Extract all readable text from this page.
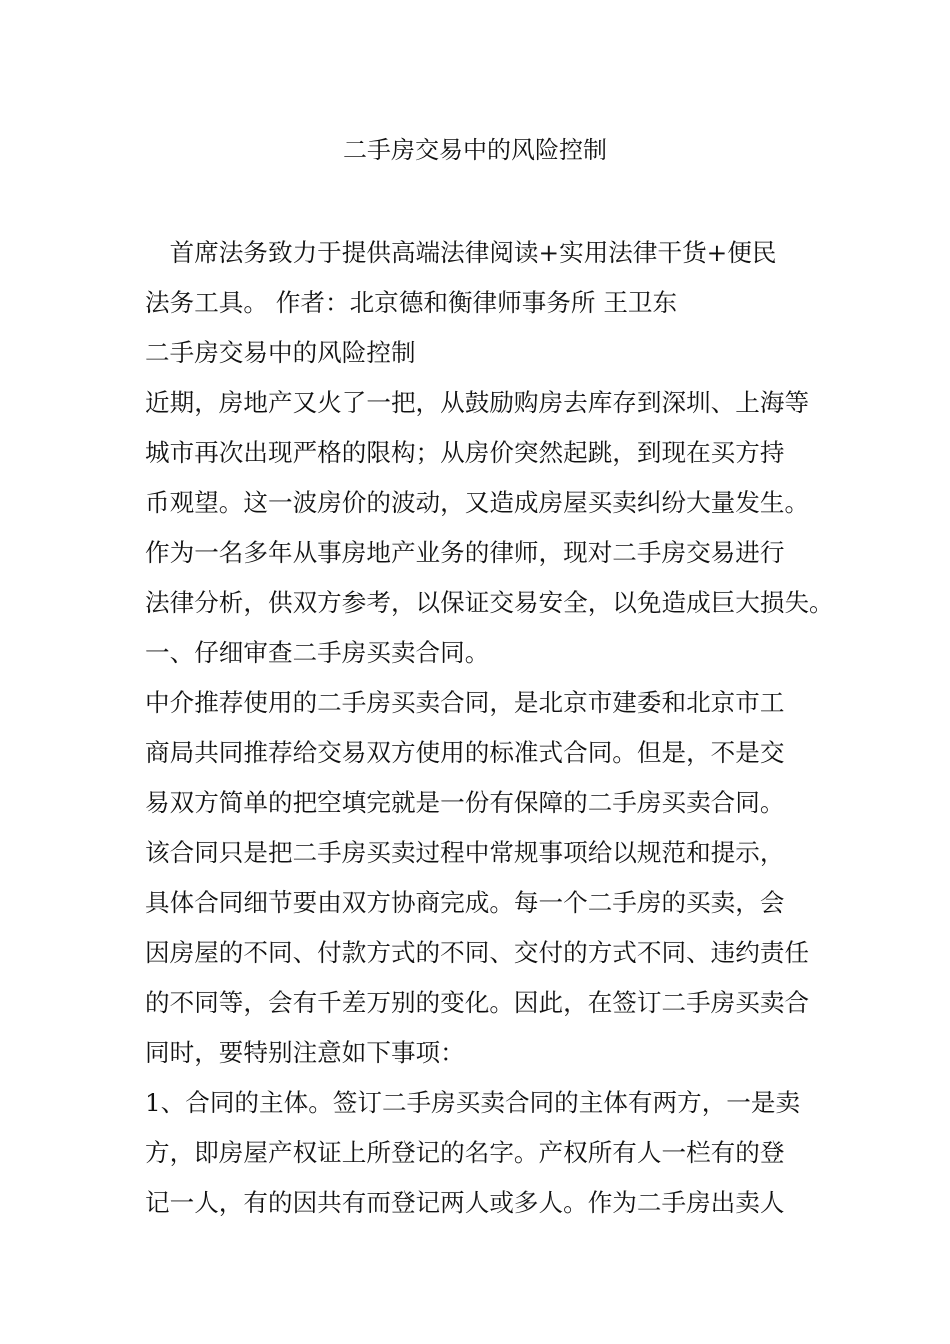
二手房交易中的风险控制
　首席法务致力于提供高端法律阅读+实用法律干货+便民
法务工具。 作者：北京德和衡律师事务所 王卫东
二手房交易中的风险控制
近期，房地产又火了一把，从鼓励购房去库存到深圳、上海等
城市再次出现严格的限构；从房价突然起跳，到现在买方持
币观望。这一波房价的波动，又造成房屋买卖纠纷大量发生。
作为一名多年从事房地产业务的律师，现对二手房交易进行
法律分析，供双方参考，以保证交易安全，以免造成巨大损失。
一、仔细审查二手房买卖合同。
中介推荐使用的二手房买卖合同，是北京市建委和北京市工
商局共同推荐给交易双方使用的标准式合同。但是，不是交
易双方简单的把空填完就是一份有保障的二手房买卖合同。
该合同只是把二手房买卖过程中常规事项给以规范和提示，
具体合同细节要由双方协商完成。每一个二手房的买卖，会
因房屋的不同、付款方式的不同、交付的方式不同、违约责任
的不同等，会有千差万别的变化。因此，在签订二手房买卖合
同时，要特别注意如下事项：
1、合同的主体。签订二手房买卖合同的主体有两方，一是卖
方，即房屋产权证上所登记的名字。产权所有人一栏有的登
记一人，有的因共有而登记两人或多人。作为二手房出卖人
